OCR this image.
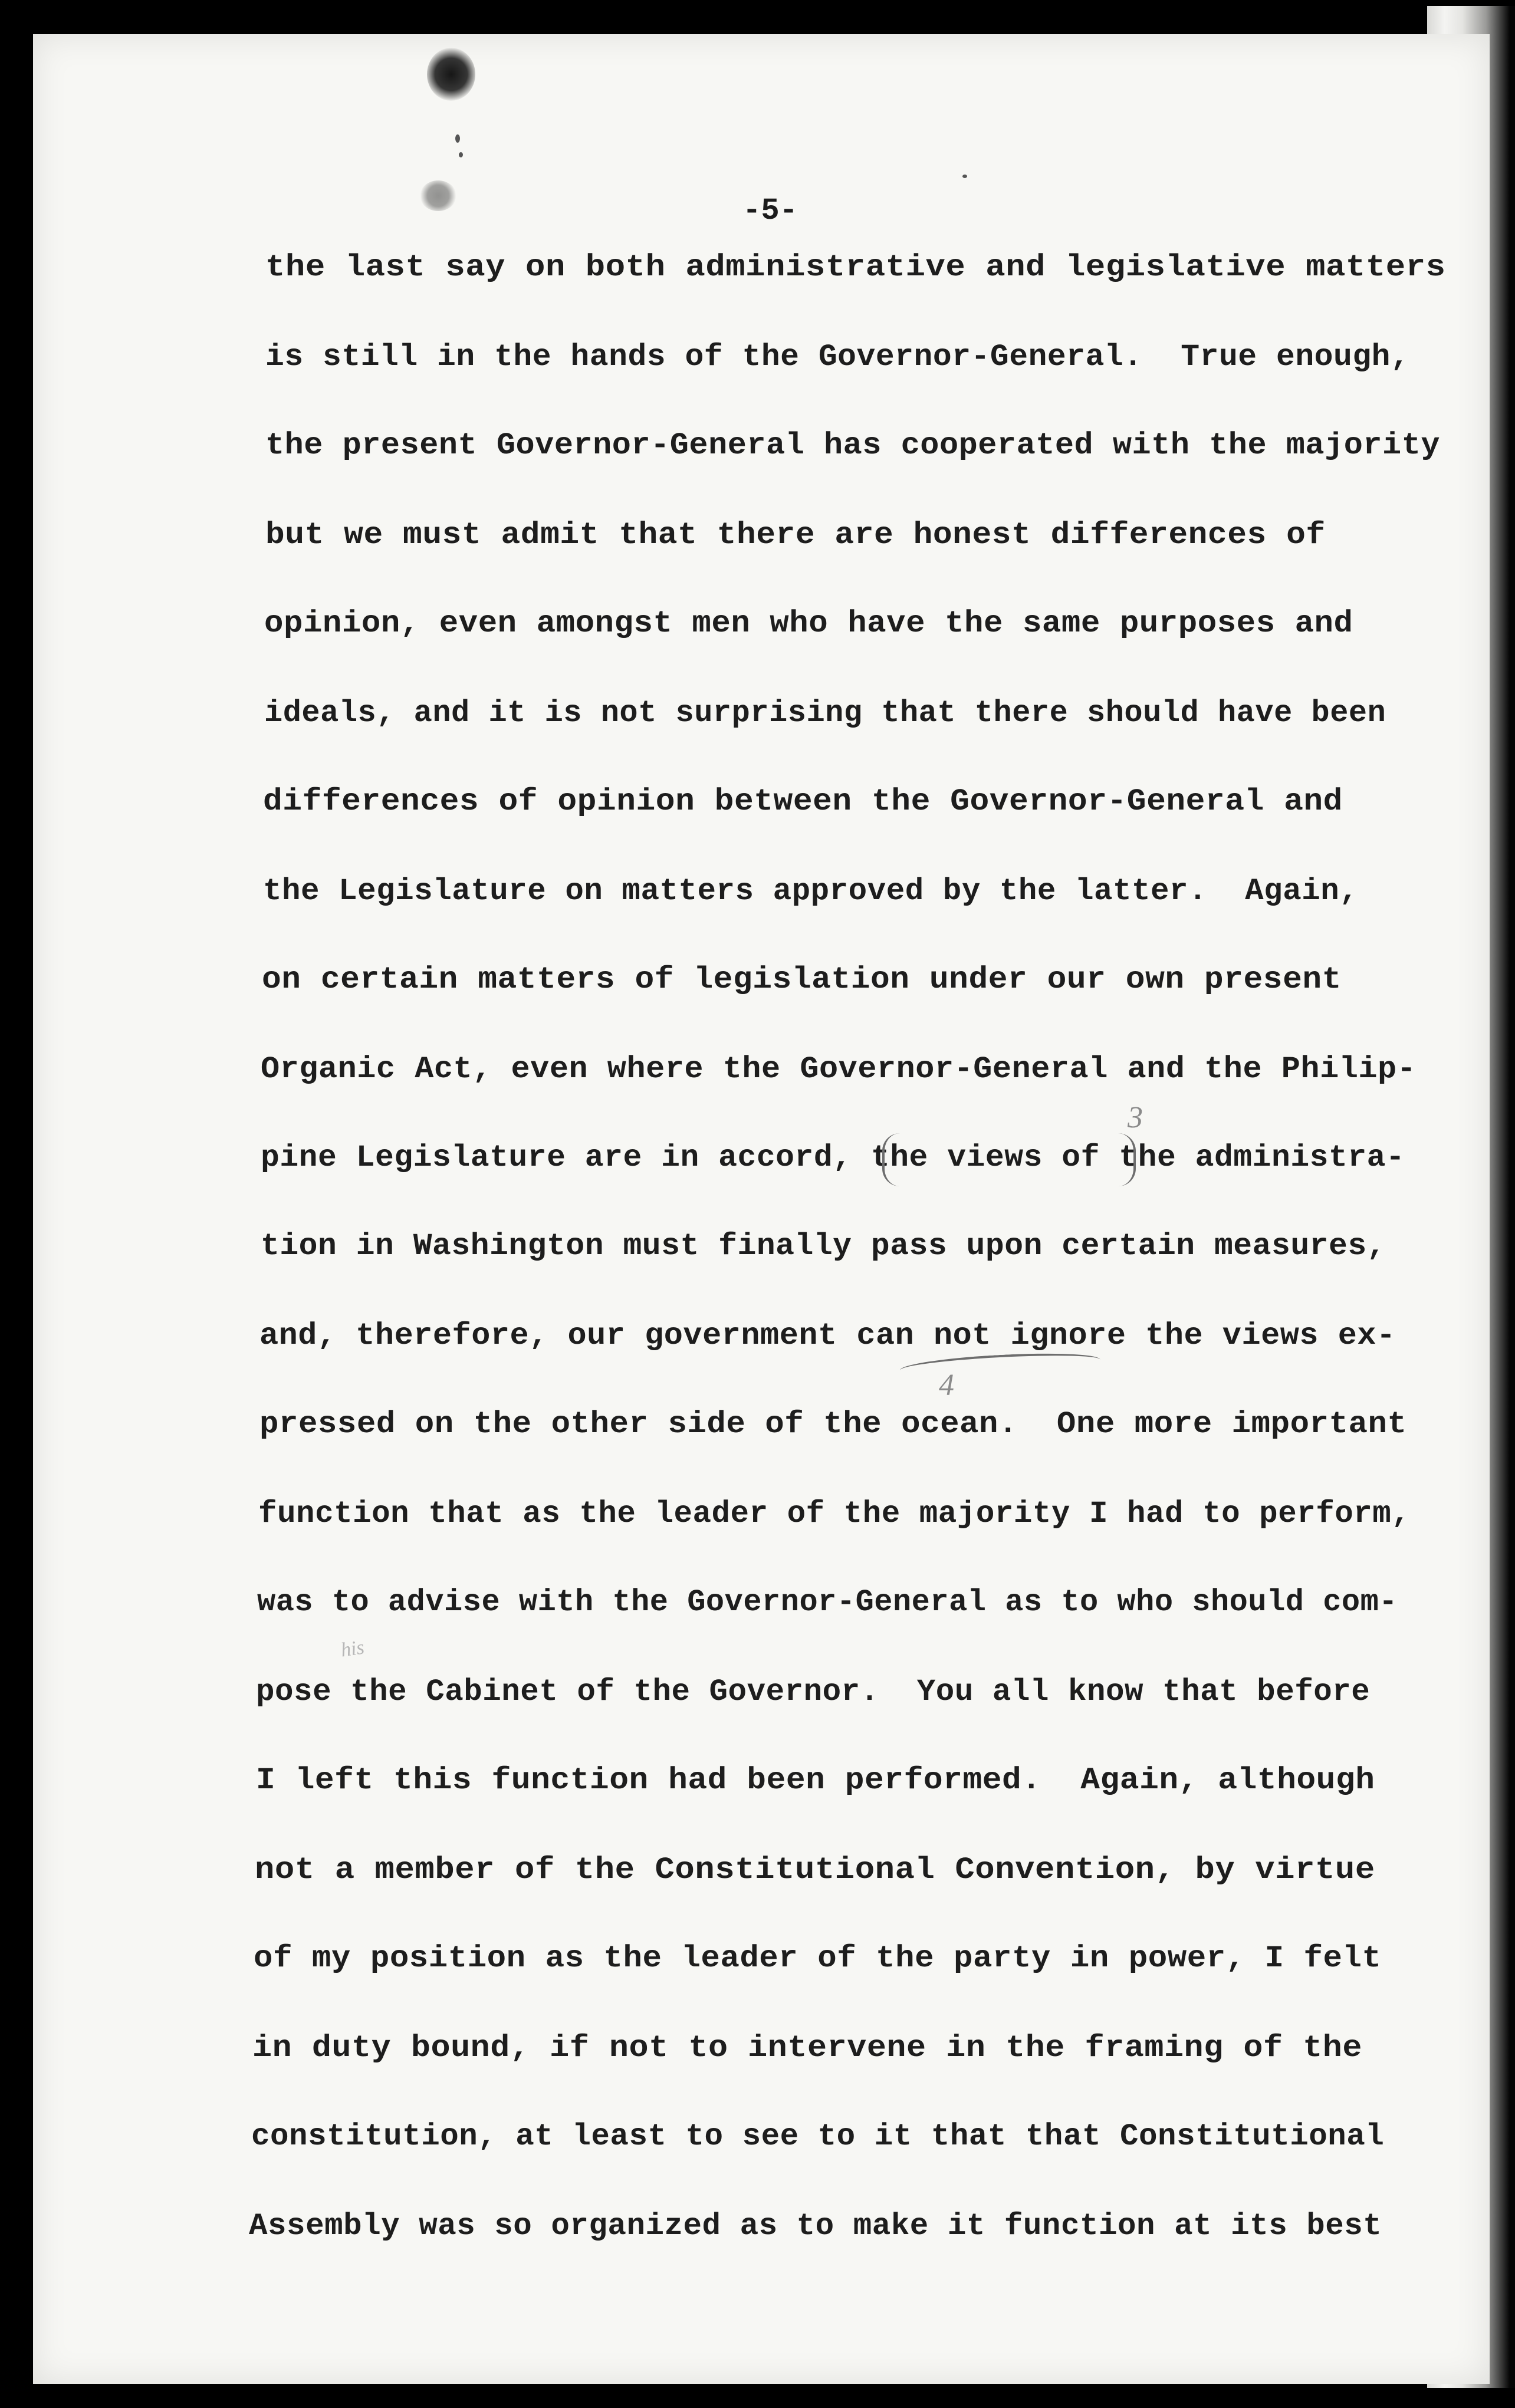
-5-

the last say on both administrative and legislative matters
is still in the hands of the Governor-General.  True enough,
the present Governor-General has cooperated with the majority
but we must admit that there are honest differences of
opinion, even amongst men who have the same purposes and
ideals, and it is not surprising that there should have been
differences of opinion between the Governor-General and
the Legislature on matters approved by the latter.  Again,
on certain matters of legislation under our own present
Organic Act, even where the Governor-General and the Philip-
pine Legislature are in accord, the views of the administra-
tion in Washington must finally pass upon certain measures,
and, therefore, our government can not ignore the views ex-
pressed on the other side of the ocean.  One more important
function that as the leader of the majority I had to perform,
was to advise with the Governor-General as to who should com-
pose the Cabinet of the Governor.  You all know that before
I left this function had been performed.  Again, although
not a member of the Constitutional Convention, by virtue
of my position as the leader of the party in power, I felt
in duty bound, if not to intervene in the framing of the
constitution, at least to see to it that that Constitutional
Assembly was so organized as to make it function at its best
3
4
his
